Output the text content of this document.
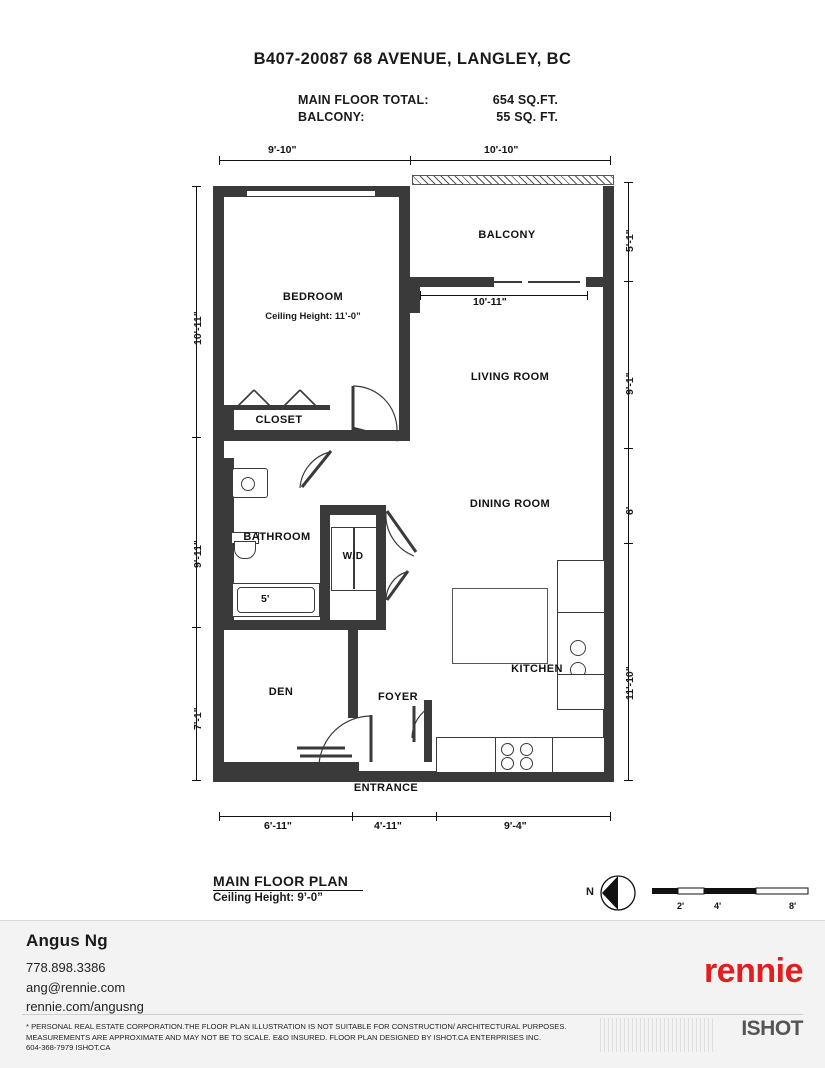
B407-20087 68 AVENUE, LANGLEY, BC
MAIN FLOOR TOTAL:	654 SQ.FT.
BALCONY:	55 SQ. FT.
9'-10"	10'-10"
10'-11"
9'-11"
7'-1"
5'-1"
9'-1"
6'
11'-10"
6'-11"	4'-11"	9'-4"
10'-11"
5'
BEDROOM
Ceiling Height: 11’-0”
CLOSET
BATHROOM
DEN	FOYER
ENTRANCE
BALCONY
LIVING ROOM
DINING ROOM
KITCHEN
W/D
MAIN FLOOR PLAN
Ceiling Height: 9’-0”	N
2'	4'	8'
Angus Ng
778.898.3386
ang@rennie.com
rennie.com/angusng
rennie
ISHOT
* PERSONAL REAL ESTATE CORPORATION.THE FLOOR PLAN ILLUSTRATION IS NOT SUITABLE FOR CONSTRUCTION/ ARCHITECTURAL PURPOSES.
MEASUREMENTS ARE APPROXIMATE AND MAY NOT BE TO SCALE. E&O INSURED. FLOOR PLAN DESIGNED BY ISHOT.CA ENTERPRISES INC.
604-368-7979 ISHOT.CA
